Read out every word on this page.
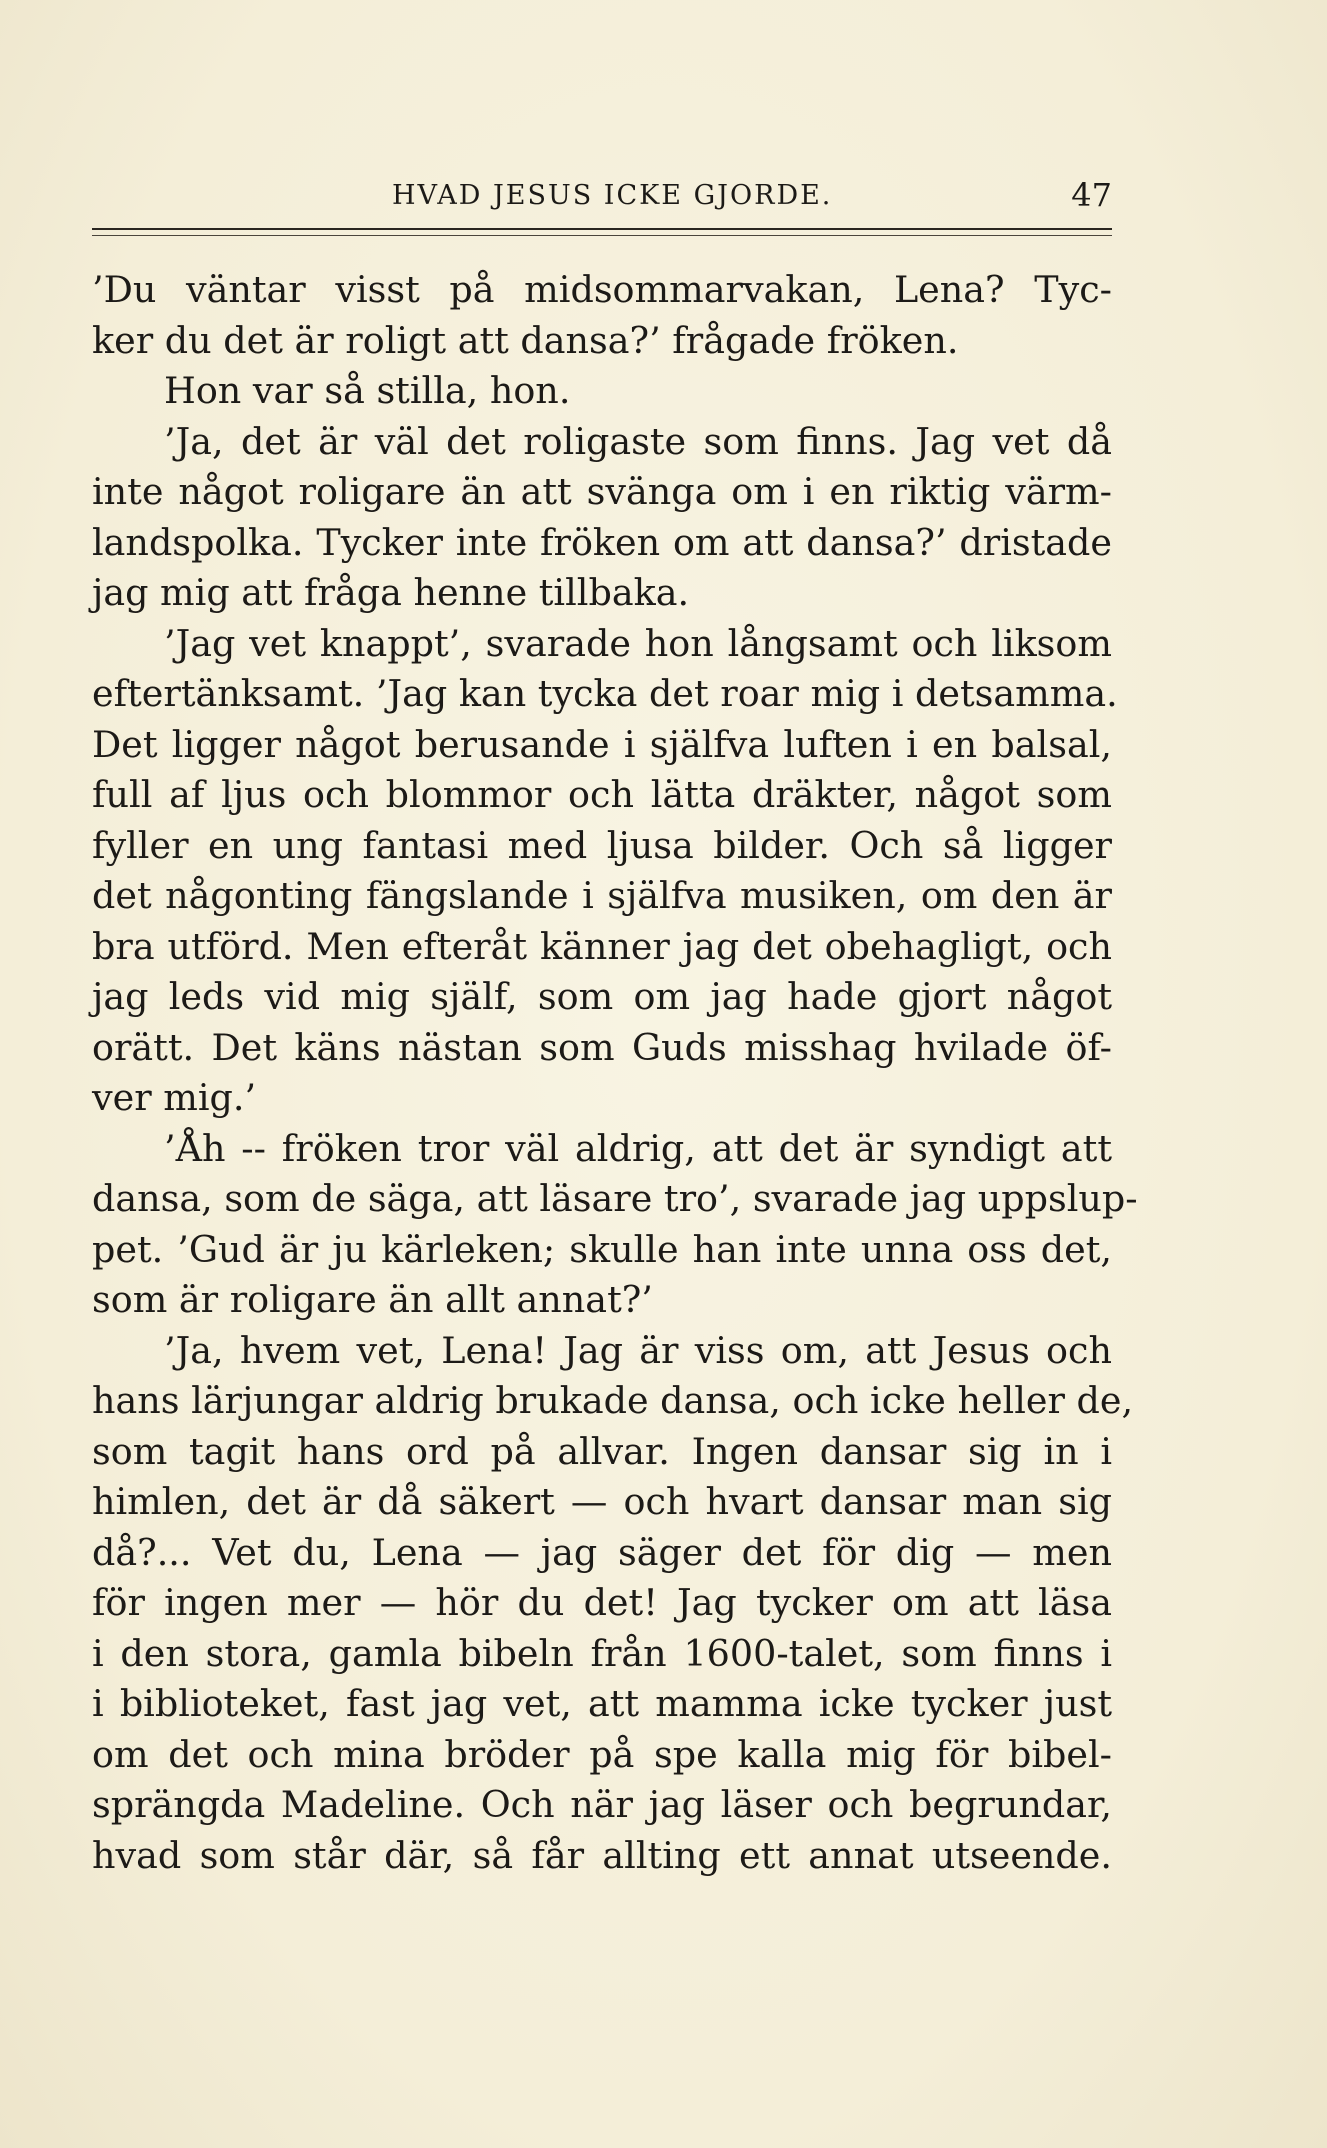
HVAD JESUS ICKE GJORDE.	47
’Du väntar visst på midsommarvakan, Lena? Tyc-
ker du det är roligt att dansa?’ frågade fröken.
Hon var så stilla, hon.
’Ja, det är väl det roligaste som finns. Jag vet då
inte något roligare än att svänga om i en riktig värm-
landspolka. Tycker inte fröken om att dansa?’ dristade
jag mig att fråga henne tillbaka.
’Jag vet knappt’, svarade hon långsamt och liksom
eftertänksamt. ’Jag kan tycka det roar mig i detsamma.
Det ligger något berusande i själfva luften i en balsal,
full af ljus och blommor och lätta dräkter, något som
fyller en ung fantasi med ljusa bilder. Och så ligger
det någonting fängslande i själfva musiken, om den är
bra utförd. Men efteråt känner jag det obehagligt, och
jag leds vid mig själf, som om jag hade gjort något
orätt. Det käns nästan som Guds misshag hvilade öf-
ver mig.’
’Åh -- fröken tror väl aldrig, att det är syndigt att
dansa, som de säga, att läsare tro’, svarade jag uppslup-
pet. ’Gud är ju kärleken; skulle han inte unna oss det,
som är roligare än allt annat?’
’Ja, hvem vet, Lena! Jag är viss om, att Jesus och
hans lärjungar aldrig brukade dansa, och icke heller de,
som tagit hans ord på allvar. Ingen dansar sig in i
himlen, det är då säkert — och hvart dansar man sig
då?... Vet du, Lena — jag säger det för dig — men
för ingen mer — hör du det! Jag tycker om att läsa
i den stora, gamla bibeln från 1600-talet, som finns i
i biblioteket, fast jag vet, att mamma icke tycker just
om det och mina bröder på spe kalla mig för bibel-
sprängda Madeline. Och när jag läser och begrundar,
hvad som står där, så får allting ett annat utseende.
